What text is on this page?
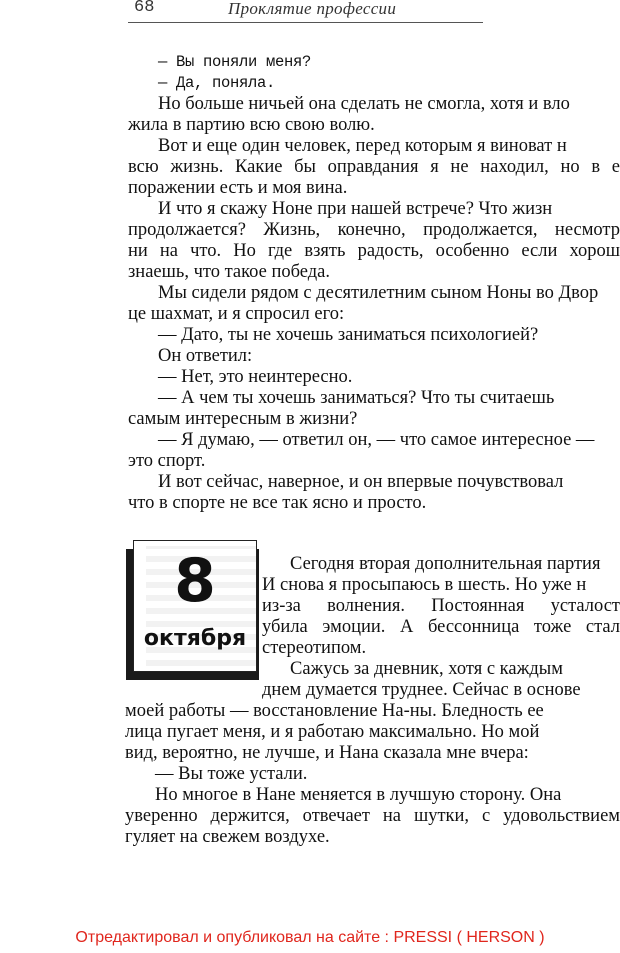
68	Проклятие профессии
— Вы поняли меня?
— Да, поняла.
Но больше ничьей она сделать не смогла, хотя и вло
жила в партию всю свою волю.
Вот и еще один человек, перед которым я виноват н
всю жизнь. Какие бы оправдания я не находил, но в е
поражении есть и моя вина.
И что я скажу Ноне при нашей встрече? Что жизн
продолжается? Жизнь, конечно, продолжается, несмотр
ни на что. Но где взять радость, особенно если хорош
знаешь, что такое победа.
Мы сидели рядом с десятилетним сыном Ноны во Двор
це шахмат, и я спросил его:
— Дато, ты не хочешь заниматься психологией?
Он ответил:
— Нет, это неинтересно.
— А чем ты хочешь заниматься? Что ты считаешь
самым интересным в жизни?
— Я думаю, — ответил он, — что самое интересное —
это спорт.
И вот сейчас, наверное, и он впервые почувствовал
что в спорте не все так ясно и просто.
Сегодня вторая дополнительная партия
И снова я просыпаюсь в шесть. Но уже н
из-за волнения. Постоянная усталост
убила эмоции. А бессонница тоже стал
стереотипом.
Сажусь за дневник, хотя с каждым
днем думается труднее. Сейчас в основе
моей работы — восстановление На-ны. Бледность ее
лица пугает меня, и я работаю максимально. Но мой
вид, вероятно, не лучше, и Нана сказала мне вчера:
— Вы тоже устали.
Но многое в Нане меняется в лучшую сторону. Она
уверенно держится, отвечает на шутки, с удовольствием
гуляет на свежем воздухе.
8
октября
Отредактировал и опубликовал на сайте : PRESSI ( HERSON )
